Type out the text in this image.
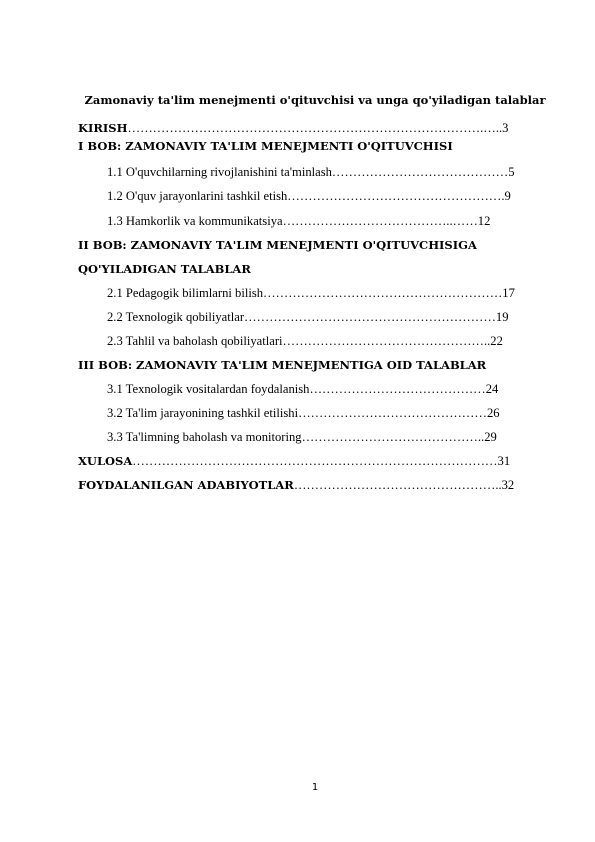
Zamonaviy ta'lim menejmenti o'qituvchisi va unga qo'yiladigan talablar
KIRISH………………………………………………………………………….…..3
I BOB: ZAMONAVIY TA'LIM MENEJMENTI O'QITUVCHISI
1.1 O'quvchilarning rivojlanishini ta'minlash……………………………………5
1.2 O'quv jarayonlarini tashkil etish…………………………………………….9
1.3 Hamkorlik va kommunikatsiya…………………………………..……12
II BOB: ZAMONAVIY TA'LIM MENEJMENTI O'QITUVCHISIGA
QO'YILADIGAN TALABLAR
2.1 Pedagogik bilimlarni bilish…………………………………………………17
2.2 Texnologik qobiliyatlar……………………………………………………19
2.3 Tahlil va baholash qobiliyatlari…………………………………………..22
III BOB: ZAMONAVIY TA'LIM MENEJMENTIGA OID TALABLAR
3.1 Texnologik vositalardan foydalanish……………………………………24
3.2 Ta'lim jarayonining tashkil etilishi………………………………………26
3.3 Ta'limning baholash va monitoring……………………………………..29
XULOSA……………………………………………………………………………31
FOYDALANILGAN ADABIYOTLAR…………………………………………..32
1
